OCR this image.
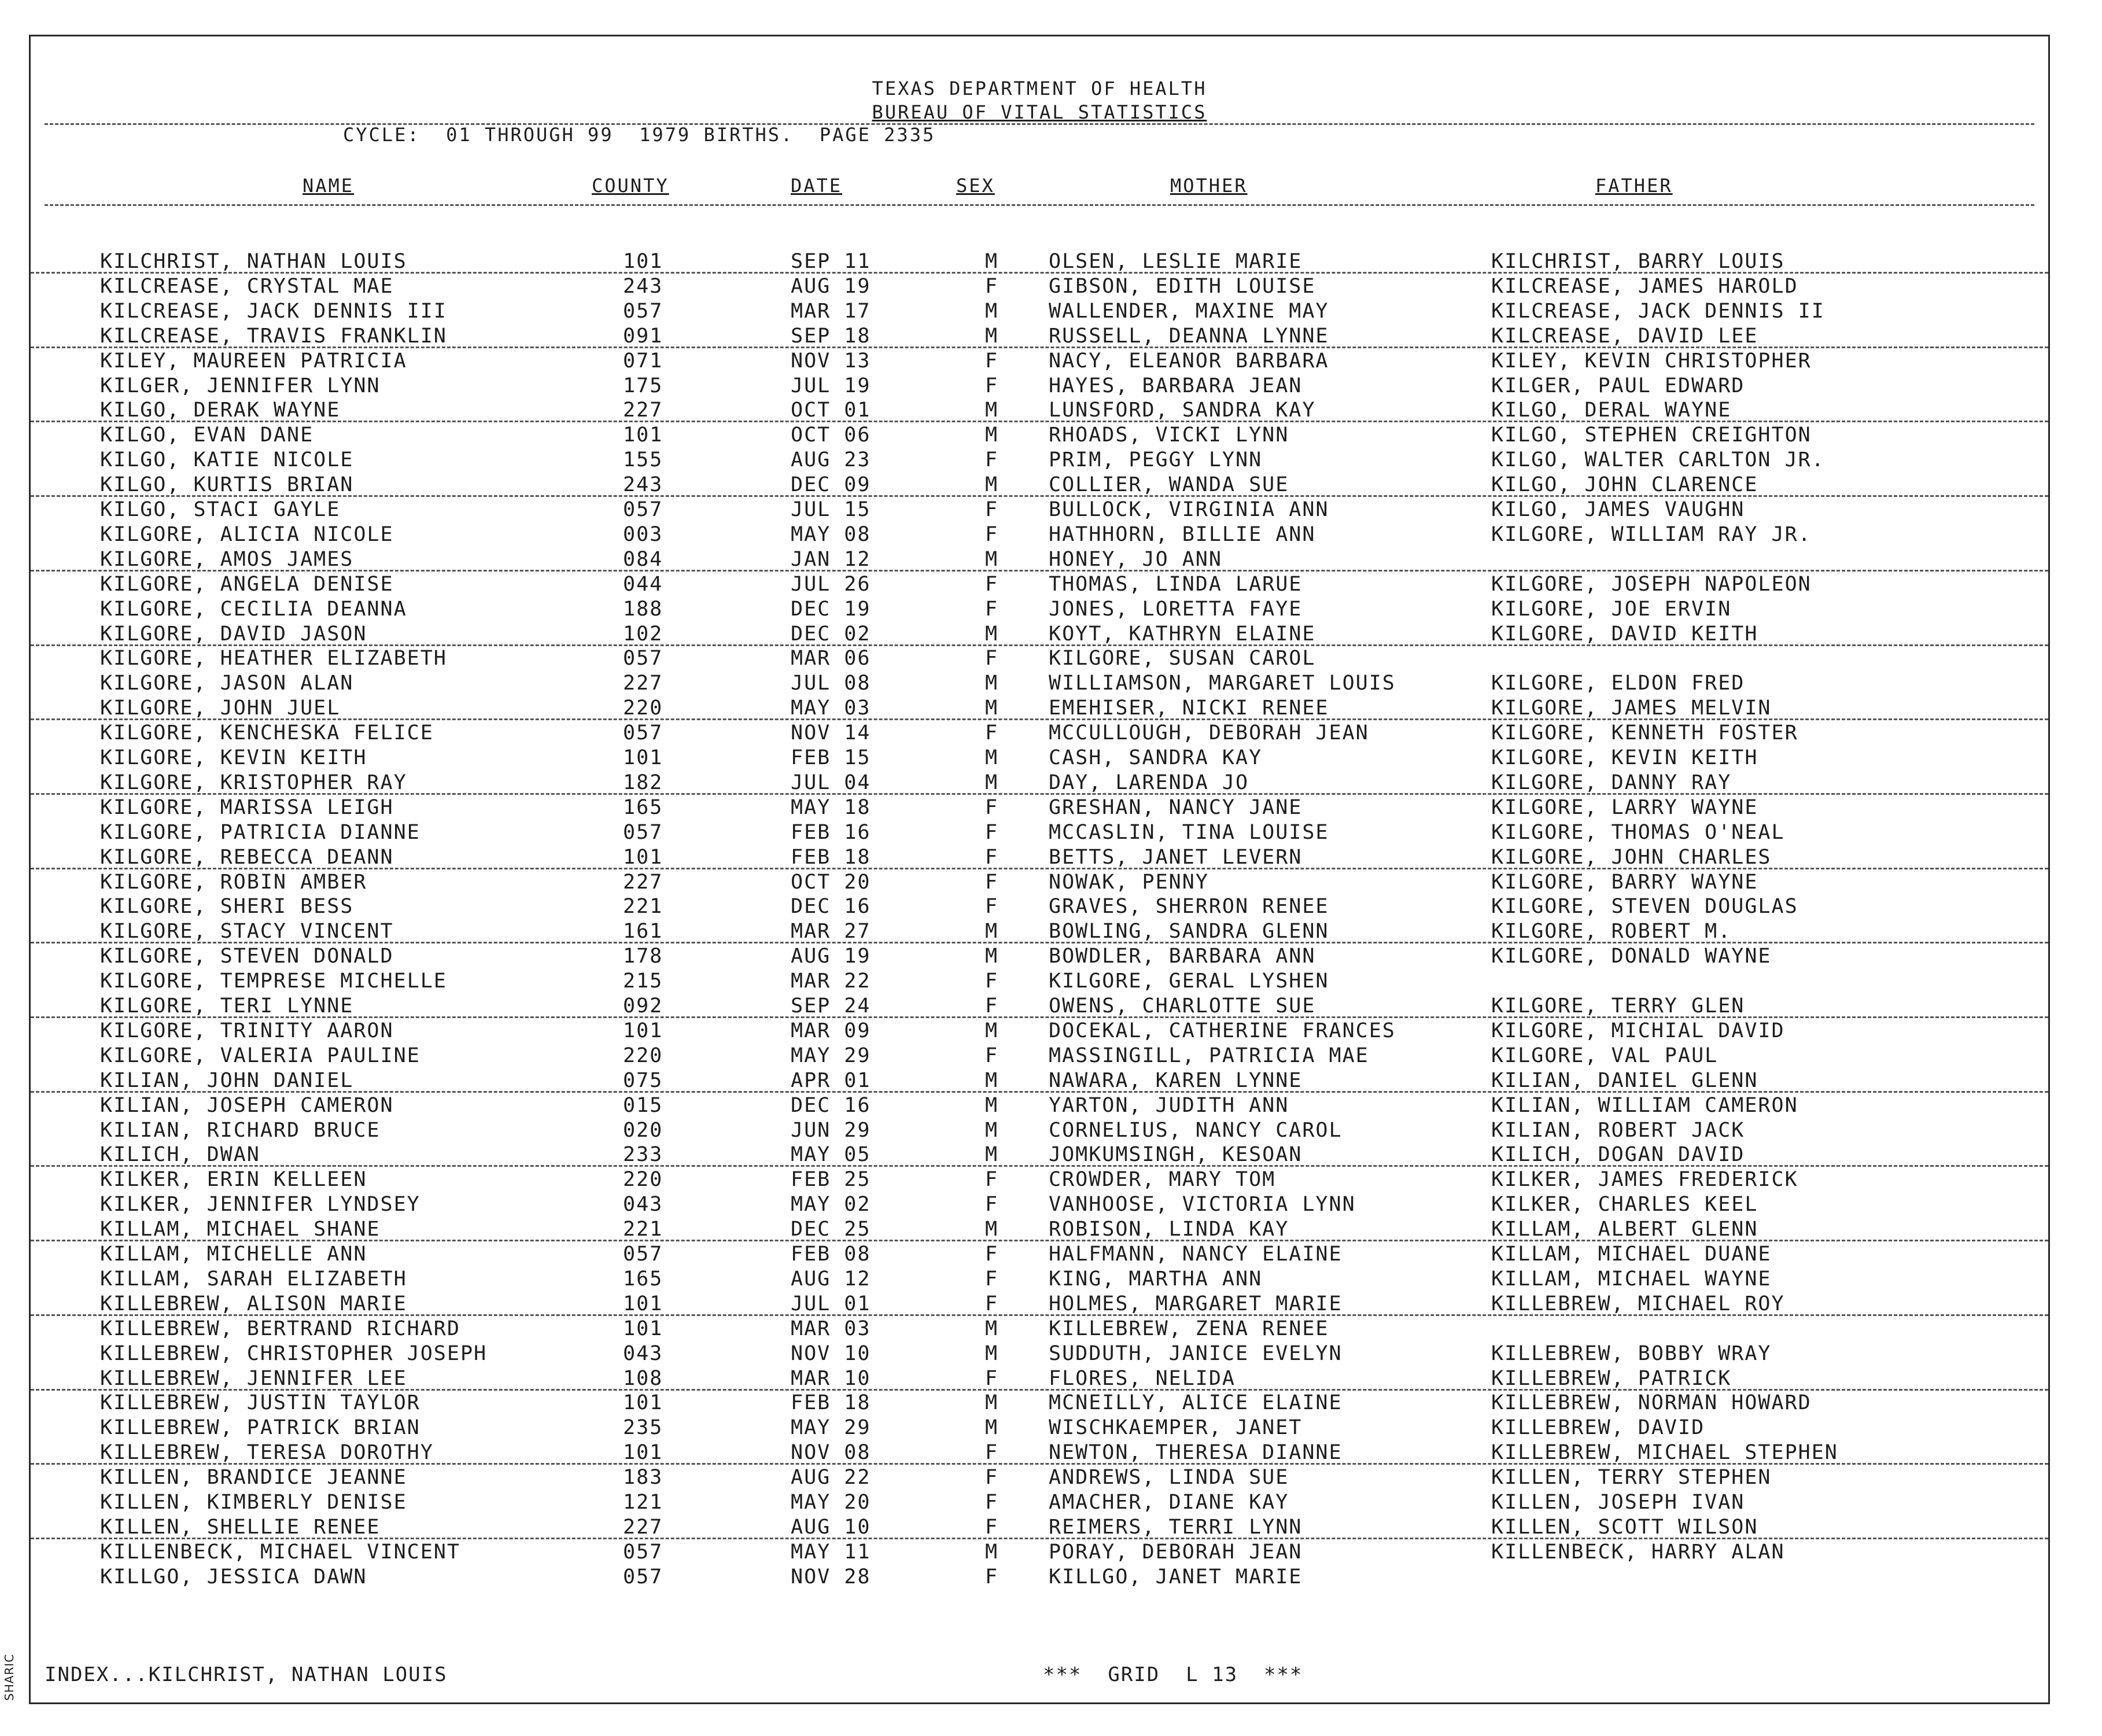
TEXAS DEPARTMENT OF HEALTH
BUREAU OF VITAL STATISTICS
CYCLE:  01 THROUGH 99  1979 BIRTHS.  PAGE 2335
NAME	COUNTY	DATE	SEX	MOTHER	FATHER
KILCHRIST, NATHAN LOUIS	101	SEP 11	M OLSEN, LESLIE MARIE	KILCHRIST, BARRY LOUIS
KILCREASE, CRYSTAL MAE	243	AUG 19	F GIBSON, EDITH LOUISE	KILCREASE, JAMES HAROLD
KILCREASE, JACK DENNIS III	057	MAR 17	M WALLENDER, MAXINE MAY	KILCREASE, JACK DENNIS II
KILCREASE, TRAVIS FRANKLIN	091	SEP 18	M RUSSELL, DEANNA LYNNE	KILCREASE, DAVID LEE
KILEY, MAUREEN PATRICIA	071	NOV 13	F NACY, ELEANOR BARBARA	KILEY, KEVIN CHRISTOPHER
KILGER, JENNIFER LYNN	175	JUL 19	F HAYES, BARBARA JEAN	KILGER, PAUL EDWARD
KILGO, DERAK WAYNE	227	OCT 01	M LUNSFORD, SANDRA KAY	KILGO, DERAL WAYNE
KILGO, EVAN DANE	101	OCT 06	M RHOADS, VICKI LYNN	KILGO, STEPHEN CREIGHTON
KILGO, KATIE NICOLE	155	AUG 23	F PRIM, PEGGY LYNN	KILGO, WALTER CARLTON JR.
KILGO, KURTIS BRIAN	243	DEC 09	M COLLIER, WANDA SUE	KILGO, JOHN CLARENCE
KILGO, STACI GAYLE	057	JUL 15	F BULLOCK, VIRGINIA ANN	KILGO, JAMES VAUGHN
KILGORE, ALICIA NICOLE	003	MAY 08	F HATHHORN, BILLIE ANN	KILGORE, WILLIAM RAY JR.
KILGORE, AMOS JAMES	084	JAN 12	M HONEY, JO ANN
KILGORE, ANGELA DENISE	044	JUL 26	F THOMAS, LINDA LARUE	KILGORE, JOSEPH NAPOLEON
KILGORE, CECILIA DEANNA	188	DEC 19	F JONES, LORETTA FAYE	KILGORE, JOE ERVIN
KILGORE, DAVID JASON	102	DEC 02	M KOYT, KATHRYN ELAINE	KILGORE, DAVID KEITH
KILGORE, HEATHER ELIZABETH	057	MAR 06	F KILGORE, SUSAN CAROL
KILGORE, JASON ALAN	227	JUL 08	M WILLIAMSON, MARGARET LOUIS	KILGORE, ELDON FRED
KILGORE, JOHN JUEL	220	MAY 03	M EMEHISER, NICKI RENEE	KILGORE, JAMES MELVIN
KILGORE, KENCHESKA FELICE	057	NOV 14	F MCCULLOUGH, DEBORAH JEAN	KILGORE, KENNETH FOSTER
KILGORE, KEVIN KEITH	101	FEB 15	M CASH, SANDRA KAY	KILGORE, KEVIN KEITH
KILGORE, KRISTOPHER RAY	182	JUL 04	M DAY, LARENDA JO	KILGORE, DANNY RAY
KILGORE, MARISSA LEIGH	165	MAY 18	F GRESHAN, NANCY JANE	KILGORE, LARRY WAYNE
KILGORE, PATRICIA DIANNE	057	FEB 16	F MCCASLIN, TINA LOUISE	KILGORE, THOMAS O'NEAL
KILGORE, REBECCA DEANN	101	FEB 18	F BETTS, JANET LEVERN	KILGORE, JOHN CHARLES
KILGORE, ROBIN AMBER	227	OCT 20	F NOWAK, PENNY	KILGORE, BARRY WAYNE
KILGORE, SHERI BESS	221	DEC 16	F GRAVES, SHERRON RENEE	KILGORE, STEVEN DOUGLAS
KILGORE, STACY VINCENT	161	MAR 27	M BOWLING, SANDRA GLENN	KILGORE, ROBERT M.
KILGORE, STEVEN DONALD	178	AUG 19	M BOWDLER, BARBARA ANN	KILGORE, DONALD WAYNE
KILGORE, TEMPRESE MICHELLE	215	MAR 22	F KILGORE, GERAL LYSHEN
KILGORE, TERI LYNNE	092	SEP 24	F OWENS, CHARLOTTE SUE	KILGORE, TERRY GLEN
KILGORE, TRINITY AARON	101	MAR 09	M DOCEKAL, CATHERINE FRANCES	KILGORE, MICHIAL DAVID
KILGORE, VALERIA PAULINE	220	MAY 29	F MASSINGILL, PATRICIA MAE	KILGORE, VAL PAUL
KILIAN, JOHN DANIEL	075	APR 01	M NAWARA, KAREN LYNNE	KILIAN, DANIEL GLENN
KILIAN, JOSEPH CAMERON	015	DEC 16	M YARTON, JUDITH ANN	KILIAN, WILLIAM CAMERON
KILIAN, RICHARD BRUCE	020	JUN 29	M CORNELIUS, NANCY CAROL	KILIAN, ROBERT JACK
KILICH, DWAN	233	MAY 05	M JOMKUMSINGH, KESOAN	KILICH, DOGAN DAVID
KILKER, ERIN KELLEEN	220	FEB 25	F CROWDER, MARY TOM	KILKER, JAMES FREDERICK
KILKER, JENNIFER LYNDSEY	043	MAY 02	F VANHOOSE, VICTORIA LYNN	KILKER, CHARLES KEEL
KILLAM, MICHAEL SHANE	221	DEC 25	M ROBISON, LINDA KAY	KILLAM, ALBERT GLENN
KILLAM, MICHELLE ANN	057	FEB 08	F HALFMANN, NANCY ELAINE	KILLAM, MICHAEL DUANE
KILLAM, SARAH ELIZABETH	165	AUG 12	F KING, MARTHA ANN	KILLAM, MICHAEL WAYNE
KILLEBREW, ALISON MARIE	101	JUL 01	F HOLMES, MARGARET MARIE	KILLEBREW, MICHAEL ROY
KILLEBREW, BERTRAND RICHARD	101	MAR 03	M KILLEBREW, ZENA RENEE
KILLEBREW, CHRISTOPHER JOSEPH	043	NOV 10	M SUDDUTH, JANICE EVELYN	KILLEBREW, BOBBY WRAY
KILLEBREW, JENNIFER LEE	108	MAR 10	F FLORES, NELIDA	KILLEBREW, PATRICK
KILLEBREW, JUSTIN TAYLOR	101	FEB 18	M MCNEILLY, ALICE ELAINE	KILLEBREW, NORMAN HOWARD
KILLEBREW, PATRICK BRIAN	235	MAY 29	M WISCHKAEMPER, JANET	KILLEBREW, DAVID
KILLEBREW, TERESA DOROTHY	101	NOV 08	F NEWTON, THERESA DIANNE	KILLEBREW, MICHAEL STEPHEN
KILLEN, BRANDICE JEANNE	183	AUG 22	F ANDREWS, LINDA SUE	KILLEN, TERRY STEPHEN
KILLEN, KIMBERLY DENISE	121	MAY 20	F AMACHER, DIANE KAY	KILLEN, JOSEPH IVAN
KILLEN, SHELLIE RENEE	227	AUG 10	F REIMERS, TERRI LYNN	KILLEN, SCOTT WILSON
KILLENBECK, MICHAEL VINCENT	057	MAY 11	M PORAY, DEBORAH JEAN	KILLENBECK, HARRY ALAN
KILLGO, JESSICA DAWN	057	NOV 28	F KILLGO, JANET MARIE
INDEX...KILCHRIST, NATHAN LOUIS	***  GRID  L 13  ***
SHARIC
